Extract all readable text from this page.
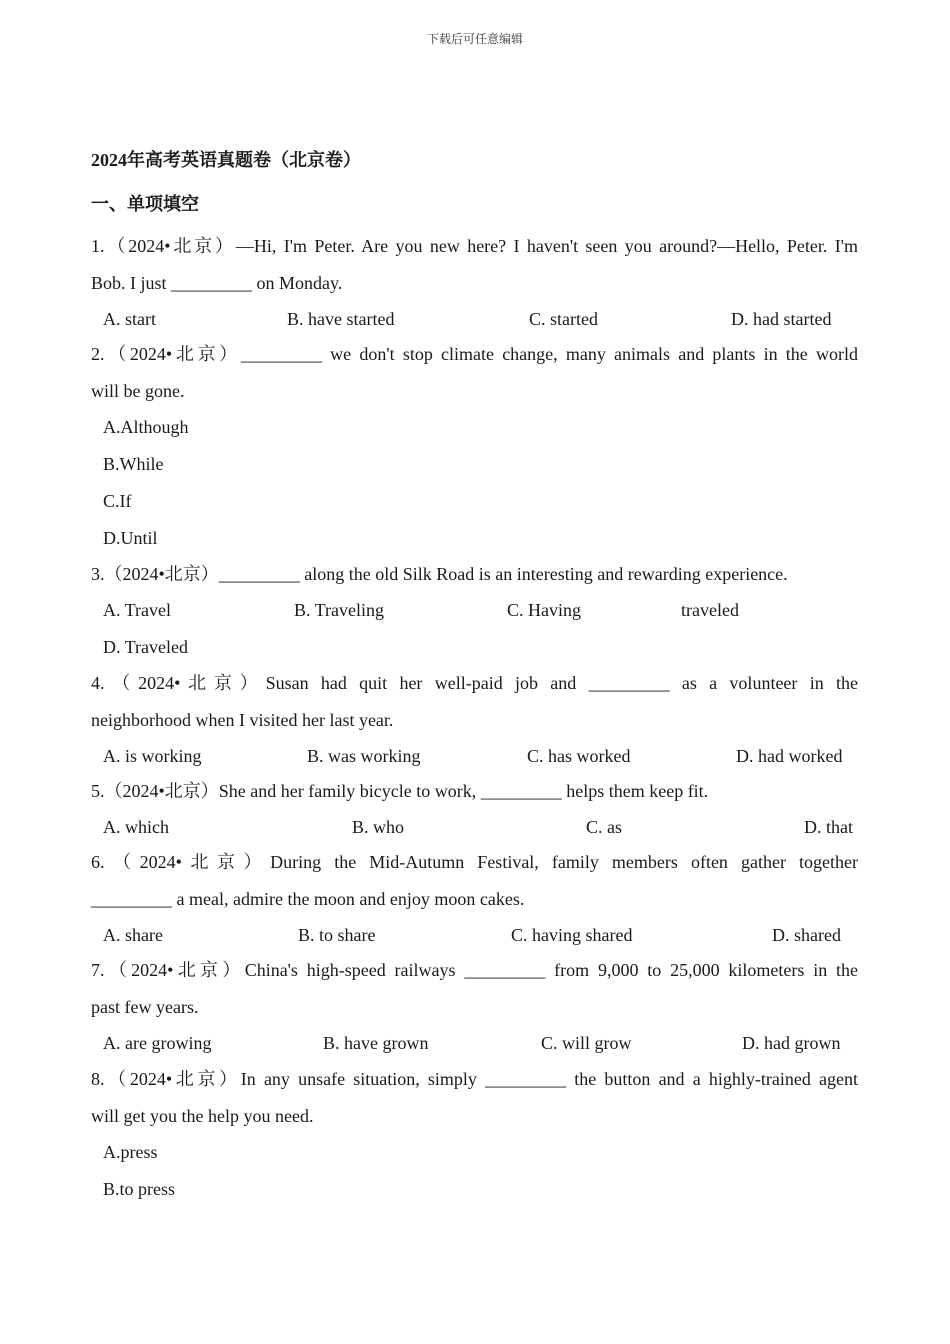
下载后可任意编辑
2024年高考英语真题卷（北京卷）
一、单项填空
1.（2024•北京）—Hi, I'm Peter. Are you new here? I haven't seen you around?—Hello, Peter. I'm
Bob. I just _________ on Monday.
A. start	B. have started	C. started	D. had started
2.（2024•北京）_________ we don't stop climate change, many animals and plants in the world
will be gone.
A.Although
B.While
C.If
D.Until
3.（2024•北京）_________ along the old Silk Road is an interesting and rewarding experience.
A. Travel	B. Traveling	C. Having	traveled
D. Traveled
4.（2024•北京）Susan had quit her well-paid job and _________ as a volunteer in the
neighborhood when I visited her last year.
A. is working	B. was working	C. has worked	D. had worked
5.（2024•北京）She and her family bicycle to work, _________ helps them keep fit.
A. which	B. who	C. as	D. that
6.（2024•北京）During the Mid-Autumn Festival, family members often gather together
_________ a meal, admire the moon and enjoy moon cakes.
A. share	B. to share	C. having shared	D. shared
7.（2024•北京）China's high-speed railways _________ from 9,000 to 25,000 kilometers in the
past few years.
A. are growing	B. have grown	C. will grow	D. had grown
8.（2024•北京）In any unsafe situation, simply _________ the button and a highly-trained agent
will get you the help you need.
A.press
B.to press
